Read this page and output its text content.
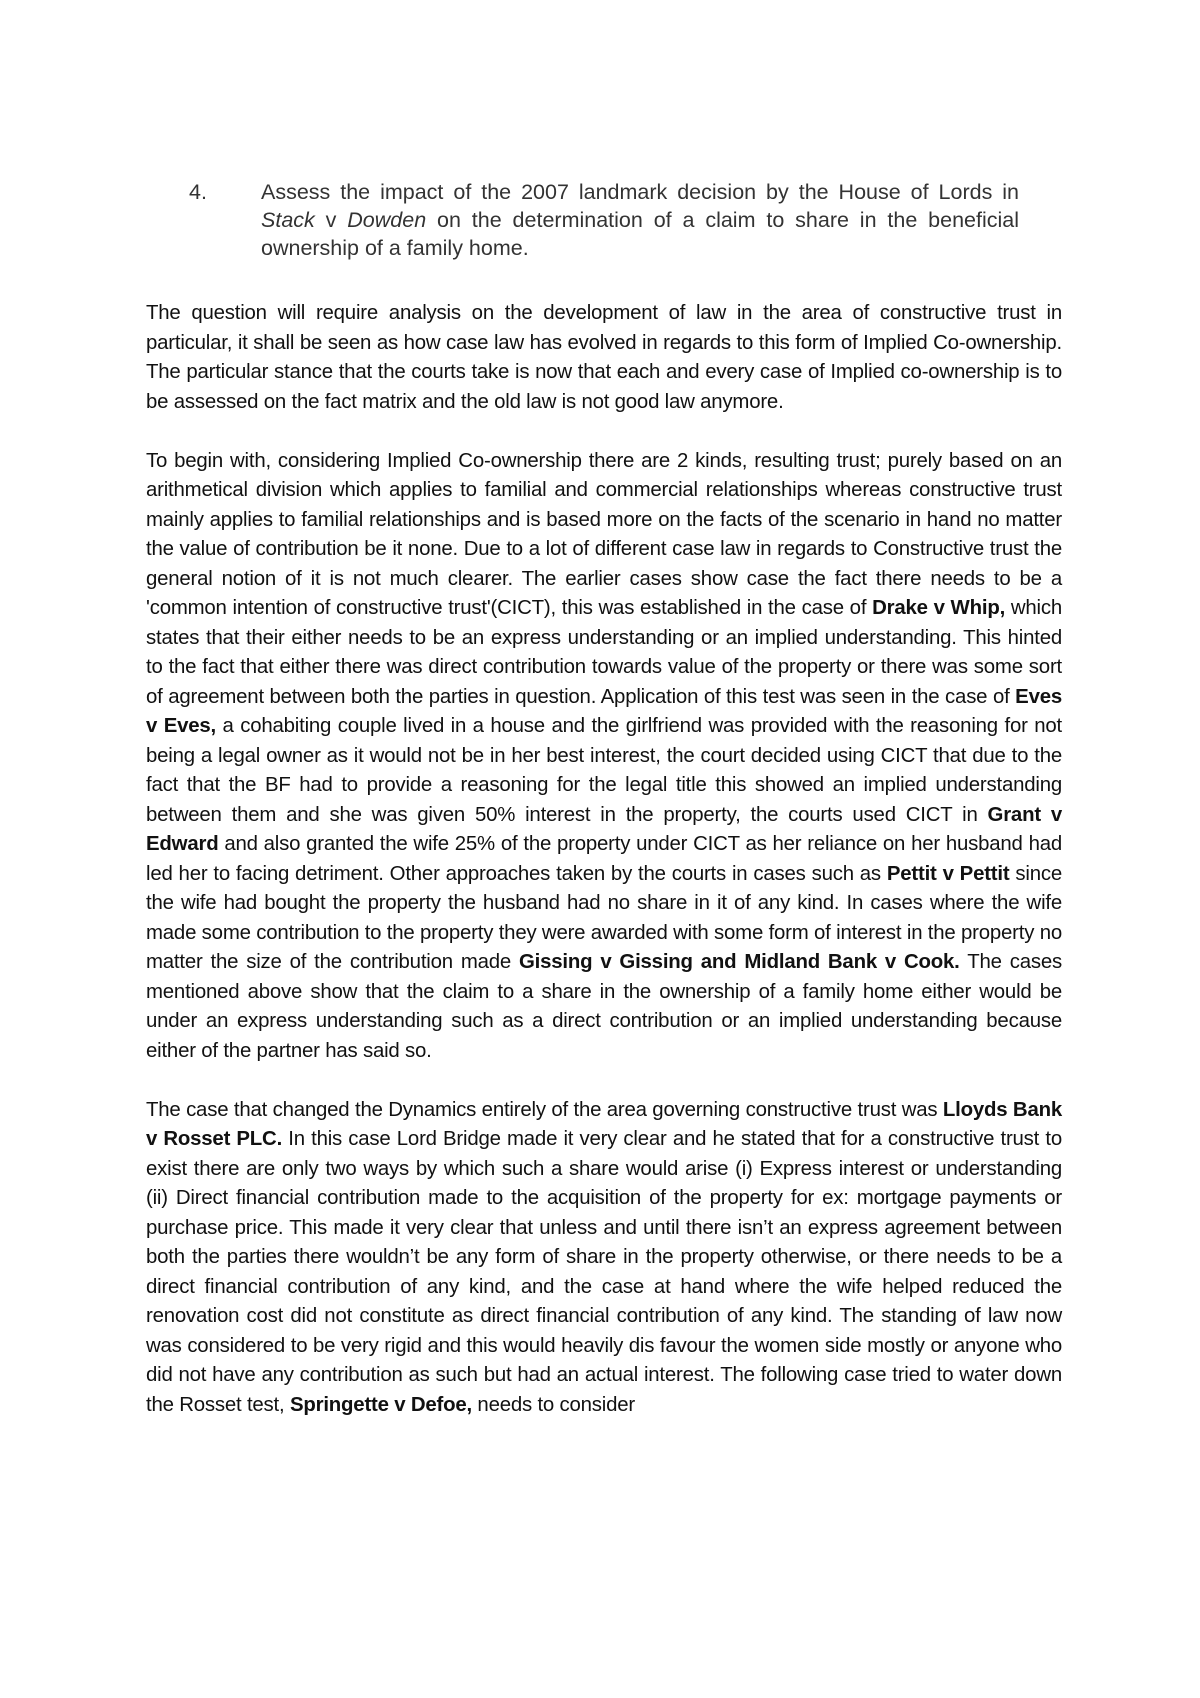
4.	Assess the impact of the 2007 landmark decision by the House of Lords in Stack v Dowden on the determination of a claim to share in the beneficial ownership of a family home.

The question will require analysis on the development of law in the area of constructive trust in particular, it shall be seen as how case law has evolved in regards to this form of Implied Co-ownership. The particular stance that the courts take is now that each and every case of Implied co-ownership is to be assessed on the fact matrix and the old law is not good law anymore.

To begin with, considering Implied Co-ownership there are 2 kinds, resulting trust; purely based on an arithmetical division which applies to familial and commercial relationships whereas constructive trust mainly applies to familial relationships and is based more on the facts of the scenario in hand no matter the value of contribution be it none. Due to a lot of different case law in regards to Constructive trust the general notion of it is not much clearer. The earlier cases show case the fact there needs to be a 'common intention of constructive trust'(CICT), this was established in the case of Drake v Whip, which states that their either needs to be an express understanding or an implied understanding. This hinted to the fact that either there was direct contribution towards value of the property or there was some sort of agreement between both the parties in question. Application of this test was seen in the case of Eves v Eves, a cohabiting couple lived in a house and the girlfriend was provided with the reasoning for not being a legal owner as it would not be in her best interest, the court decided using CICT that due to the fact that the BF had to provide a reasoning for the legal title this showed an implied understanding between them and she was given 50% interest in the property, the courts used CICT in Grant v Edward and also granted the wife 25% of the property under CICT as her reliance on her husband had led her to facing detriment. Other approaches taken by the courts in cases such as Pettit v Pettit since the wife had bought the property the husband had no share in it of any kind. In cases where the wife made some contribution to the property they were awarded with some form of interest in the property no matter the size of the contribution made Gissing v Gissing and Midland Bank v Cook. The cases mentioned above show that the claim to a share in the ownership of a family home either would be under an express understanding such as a direct contribution or an implied understanding because either of the partner has said so.

The case that changed the Dynamics entirely of the area governing constructive trust was Lloyds Bank v Rosset PLC. In this case Lord Bridge made it very clear and he stated that for a constructive trust to exist there are only two ways by which such a share would arise (i) Express interest or understanding (ii) Direct financial contribution made to the acquisition of the property for ex: mortgage payments or purchase price. This made it very clear that unless and until there isn’t an express agreement between both the parties there wouldn’t be any form of share in the property otherwise, or there needs to be a direct financial contribution of any kind, and the case at hand where the wife helped reduced the renovation cost did not constitute as direct financial contribution of any kind. The standing of law now was considered to be very rigid and this would heavily dis favour the women side mostly or anyone who did not have any contribution as such but had an actual interest. The following case tried to water down the Rosset test, Springette v Defoe, needs to consider
